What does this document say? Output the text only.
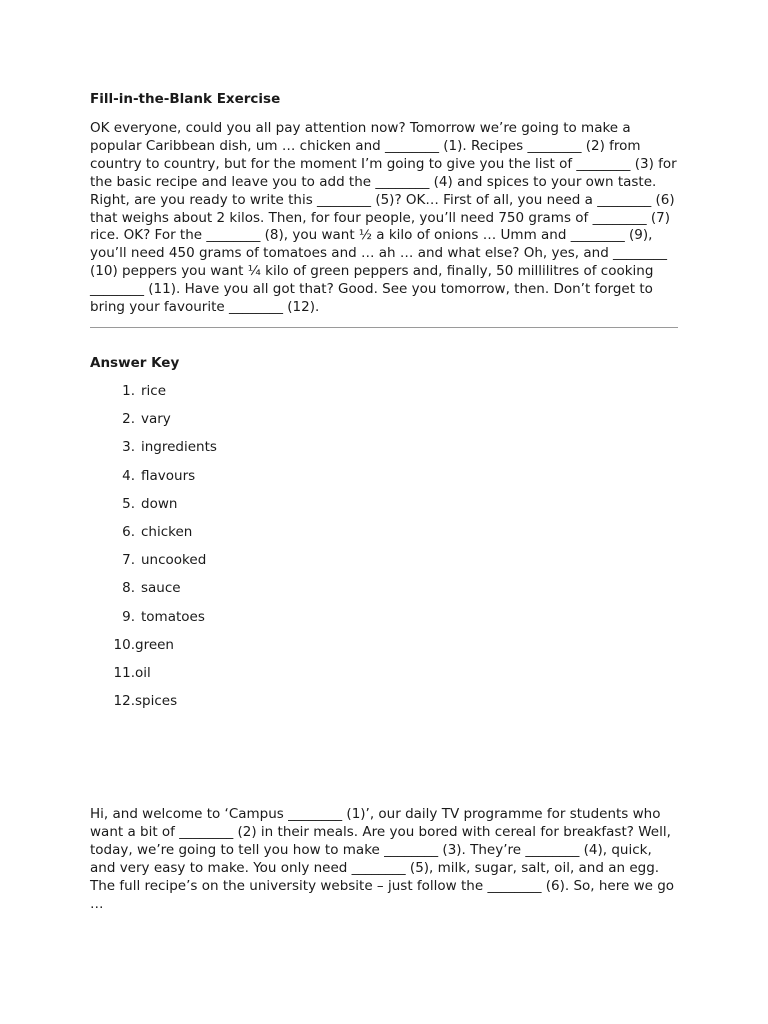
Fill-in-the-Blank Exercise

OK everyone, could you all pay attention now? Tomorrow we’re going to make a popular Caribbean dish, um … chicken and ________ (1). Recipes ________ (2) from country to country, but for the moment I’m going to give you the list of ________ (3) for the basic recipe and leave you to add the ________ (4) and spices to your own taste. Right, are you ready to write this ________ (5)? OK… First of all, you need a ________ (6) that weighs about 2 kilos. Then, for four people, you’ll need 750 grams of ________ (7) rice. OK? For the ________ (8), you want ½ a kilo of onions … Umm and ________ (9), you’ll need 450 grams of tomatoes and … ah … and what else? Oh, yes, and ________ (10) peppers you want ¼ kilo of green peppers and, finally, 50 millilitres of cooking ________ (11). Have you all got that? Good. See you tomorrow, then. Don’t forget to bring your favourite ________ (12).

Answer Key
1. rice
2. vary
3. ingredients
4. flavours
5. down
6. chicken
7. uncooked
8. sauce
9. tomatoes
10. green
11. oil
12. spices

Hi, and welcome to ‘Campus ________ (1)’, our daily TV programme for students who want a bit of ________ (2) in their meals. Are you bored with cereal for breakfast? Well, today, we’re going to tell you how to make ________ (3). They’re ________ (4), quick, and very easy to make. You only need ________ (5), milk, sugar, salt, oil, and an egg. The full recipe’s on the university website – just follow the ________ (6). So, here we go …
